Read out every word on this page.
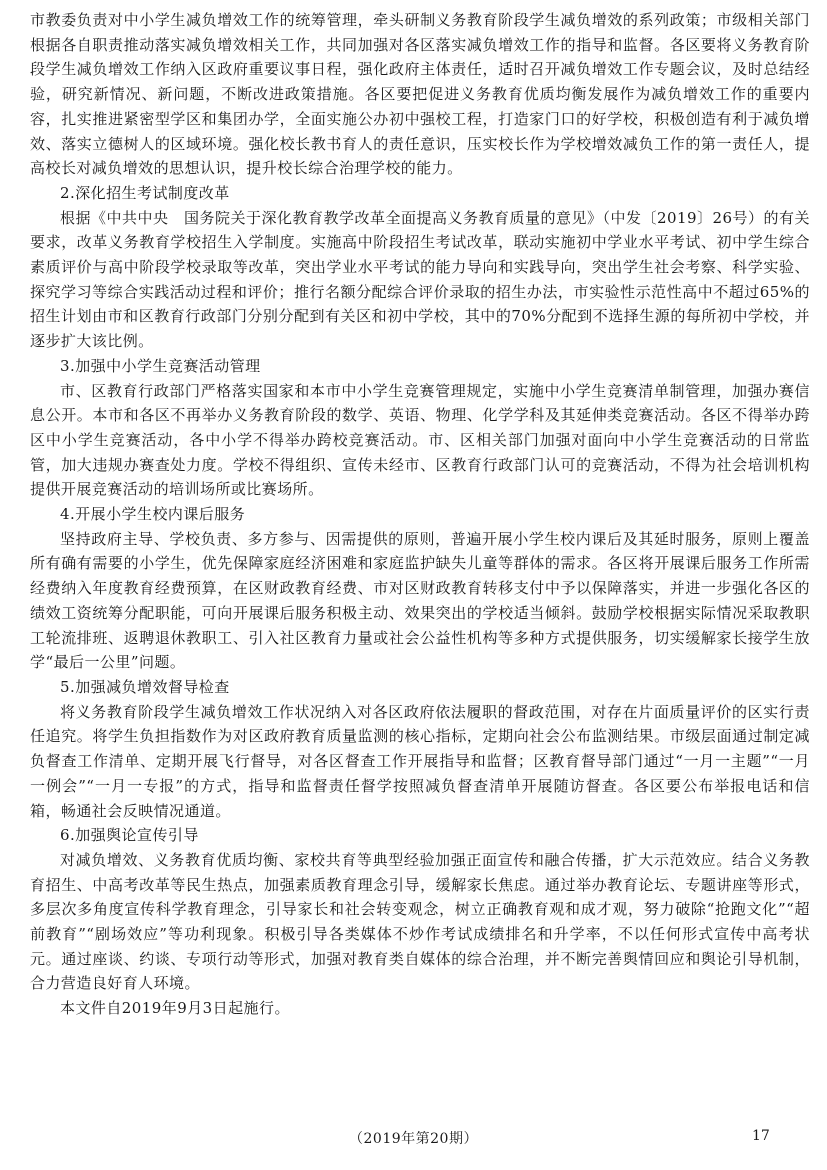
市教委负责对中小学生减负增效工作的统筹管理，牵头研制义务教育阶段学生减负增效的系列政策；市级相关部门根据各自职责推动落实减负增效相关工作，共同加强对各区落实减负增效工作的指导和监督。各区要将义务教育阶段学生减负增效工作纳入区政府重要议事日程，强化政府主体责任，适时召开减负增效工作专题会议，及时总结经验，研究新情况、新问题，不断改进政策措施。各区要把促进义务教育优质均衡发展作为减负增效工作的重要内容，扎实推进紧密型学区和集团办学，全面实施公办初中强校工程，打造家门口的好学校，积极创造有利于减负增效、落实立德树人的区域环境。强化校长教书育人的责任意识，压实校长作为学校增效减负工作的第一责任人，提高校长对减负增效的思想认识，提升校长综合治理学校的能力。

2.深化招生考试制度改革

根据《中共中央　国务院关于深化教育教学改革全面提高义务教育质量的意见》（中发〔2019〕26号）的有关要求，改革义务教育学校招生入学制度。实施高中阶段招生考试改革，联动实施初中学业水平考试、初中学生综合素质评价与高中阶段学校录取等改革，突出学业水平考试的能力导向和实践导向，突出学生社会考察、科学实验、探究学习等综合实践活动过程和评价；推行名额分配综合评价录取的招生办法，市实验性示范性高中不超过65%的招生计划由市和区教育行政部门分别分配到有关区和初中学校，其中的70%分配到不选择生源的每所初中学校，并逐步扩大该比例。

3.加强中小学生竞赛活动管理

市、区教育行政部门严格落实国家和本市中小学生竞赛管理规定，实施中小学生竞赛清单制管理，加强办赛信息公开。本市和各区不再举办义务教育阶段的数学、英语、物理、化学学科及其延伸类竞赛活动。各区不得举办跨区中小学生竞赛活动，各中小学不得举办跨校竞赛活动。市、区相关部门加强对面向中小学生竞赛活动的日常监管，加大违规办赛查处力度。学校不得组织、宣传未经市、区教育行政部门认可的竞赛活动，不得为社会培训机构提供开展竞赛活动的培训场所或比赛场所。

4.开展小学生校内课后服务

坚持政府主导、学校负责、多方参与、因需提供的原则，普遍开展小学生校内课后及其延时服务，原则上覆盖所有确有需要的小学生，优先保障家庭经济困难和家庭监护缺失儿童等群体的需求。各区将开展课后服务工作所需经费纳入年度教育经费预算，在区财政教育经费、市对区财政教育转移支付中予以保障落实，并进一步强化各区的绩效工资统筹分配职能，可向开展课后服务积极主动、效果突出的学校适当倾斜。鼓励学校根据实际情况采取教职工轮流排班、返聘退休教职工、引入社区教育力量或社会公益性机构等多种方式提供服务，切实缓解家长接学生放学“最后一公里”问题。

5.加强减负增效督导检查

将义务教育阶段学生减负增效工作状况纳入对各区政府依法履职的督政范围，对存在片面质量评价的区实行责任追究。将学生负担指数作为对区政府教育质量监测的核心指标，定期向社会公布监测结果。市级层面通过制定减负督查工作清单、定期开展飞行督导，对各区督查工作开展指导和监督；区教育督导部门通过“一月一主题”“一月一例会”“一月一专报”的方式，指导和监督责任督学按照减负督查清单开展随访督查。各区要公布举报电话和信箱，畅通社会反映情况通道。

6.加强舆论宣传引导

对减负增效、义务教育优质均衡、家校共育等典型经验加强正面宣传和融合传播，扩大示范效应。结合义务教育招生、中高考改革等民生热点，加强素质教育理念引导，缓解家长焦虑。通过举办教育论坛、专题讲座等形式，多层次多角度宣传科学教育理念，引导家长和社会转变观念，树立正确教育观和成才观，努力破除“抢跑文化”“超前教育”“剧场效应”等功利现象。积极引导各类媒体不炒作考试成绩排名和升学率，不以任何形式宣传中高考状元。通过座谈、约谈、专项行动等形式，加强对教育类自媒体的综合治理，并不断完善舆情回应和舆论引导机制，合力营造良好育人环境。

本文件自2019年9月3日起施行。

（2019年第20期）	17
